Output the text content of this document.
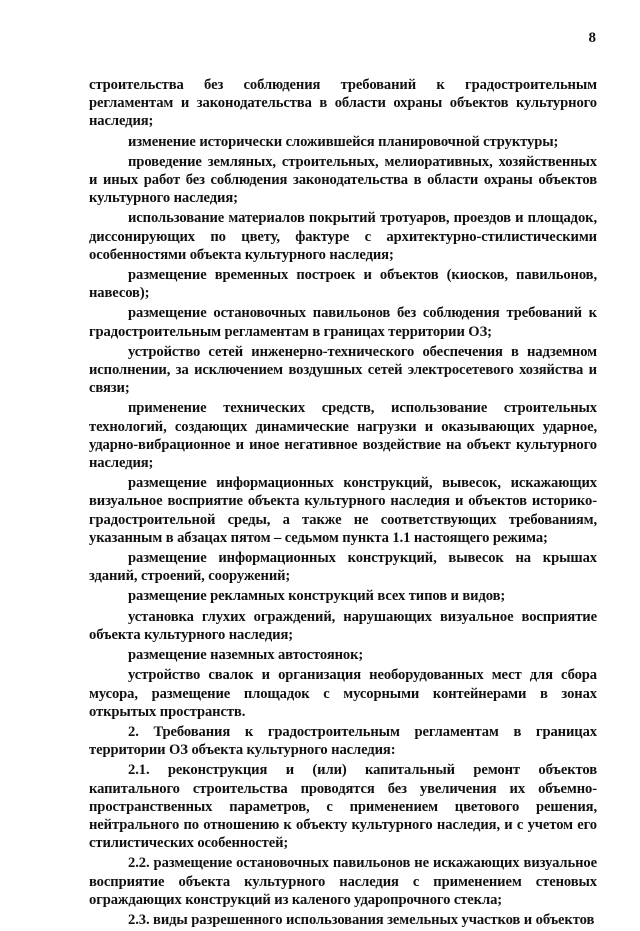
8

строительства без соблюдения требований к градостроительным регламентам и законодательства в области охраны объектов культурного наследия;

изменение исторически сложившейся планировочной структуры;

проведение земляных, строительных, мелиоративных, хозяйственных и иных работ без соблюдения законодательства в области охраны объектов культурного наследия;

использование материалов покрытий тротуаров, проездов и площадок, диссонирующих по цвету, фактуре с архитектурно-стилистическими особенностями объекта культурного наследия;

размещение временных построек и объектов (киосков, павильонов, навесов);

размещение остановочных павильонов без соблюдения требований к градостроительным регламентам в границах территории ОЗ;

устройство сетей инженерно-технического обеспечения в надземном исполнении, за исключением воздушных сетей электросетевого хозяйства и связи;

применение технических средств, использование строительных технологий, создающих динамические нагрузки и оказывающих ударное, ударно-вибрационное и иное негативное воздействие на объект культурного наследия;

размещение информационных конструкций, вывесок, искажающих визуальное восприятие объекта культурного наследия и объектов историко-градостроительной среды, а также не соответствующих требованиям, указанным в абзацах пятом – седьмом пункта 1.1 настоящего режима;

размещение информационных конструкций, вывесок на крышах зданий, строений, сооружений;

размещение рекламных конструкций всех типов и видов;

установка глухих ограждений, нарушающих визуальное восприятие объекта культурного наследия;

размещение наземных автостоянок;

устройство свалок и организация необорудованных мест для сбора мусора, размещение площадок с мусорными контейнерами в зонах открытых пространств.

2. Требования к градостроительным регламентам в границах территории ОЗ объекта культурного наследия:

2.1. реконструкция и (или) капитальный ремонт объектов капитального строительства проводятся без увеличения их объемно-пространственных параметров, с применением цветового решения, нейтрального по отношению к объекту культурного наследия, и с учетом его стилистических особенностей;

2.2. размещение остановочных павильонов не искажающих визуальное восприятие объекта культурного наследия с применением стеновых ограждающих конструкций из каленого ударопрочного стекла;

2.3. виды разрешенного использования земельных участков и объектов
